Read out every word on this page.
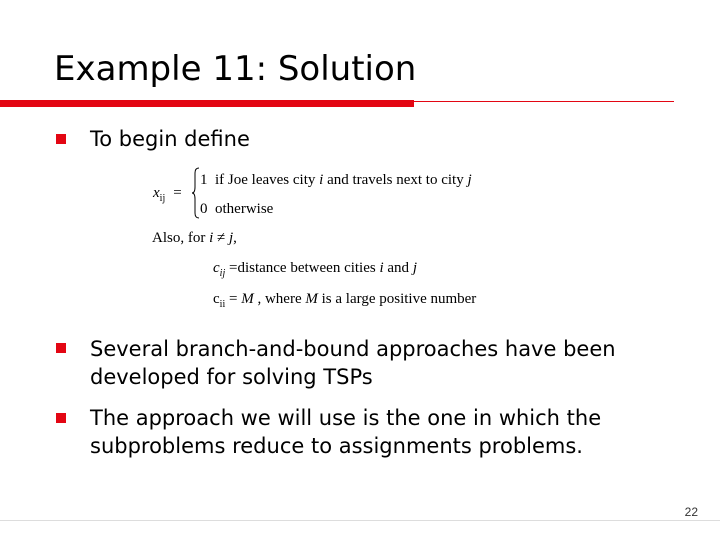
Example 11: Solution
To begin define
$x_{ij}$ =
1 if Joe leaves city i and travels next to city j
0 otherwise
Also, for i ≠ j,
$c_{ij}$ =distance between cities i and j
$c_{ii} = M$ , where M is a large positive number
Several branch-and-bound approaches have been developed for solving TSPs
The approach we will use is the one in which the subproblems reduce to assignments problems.
22
